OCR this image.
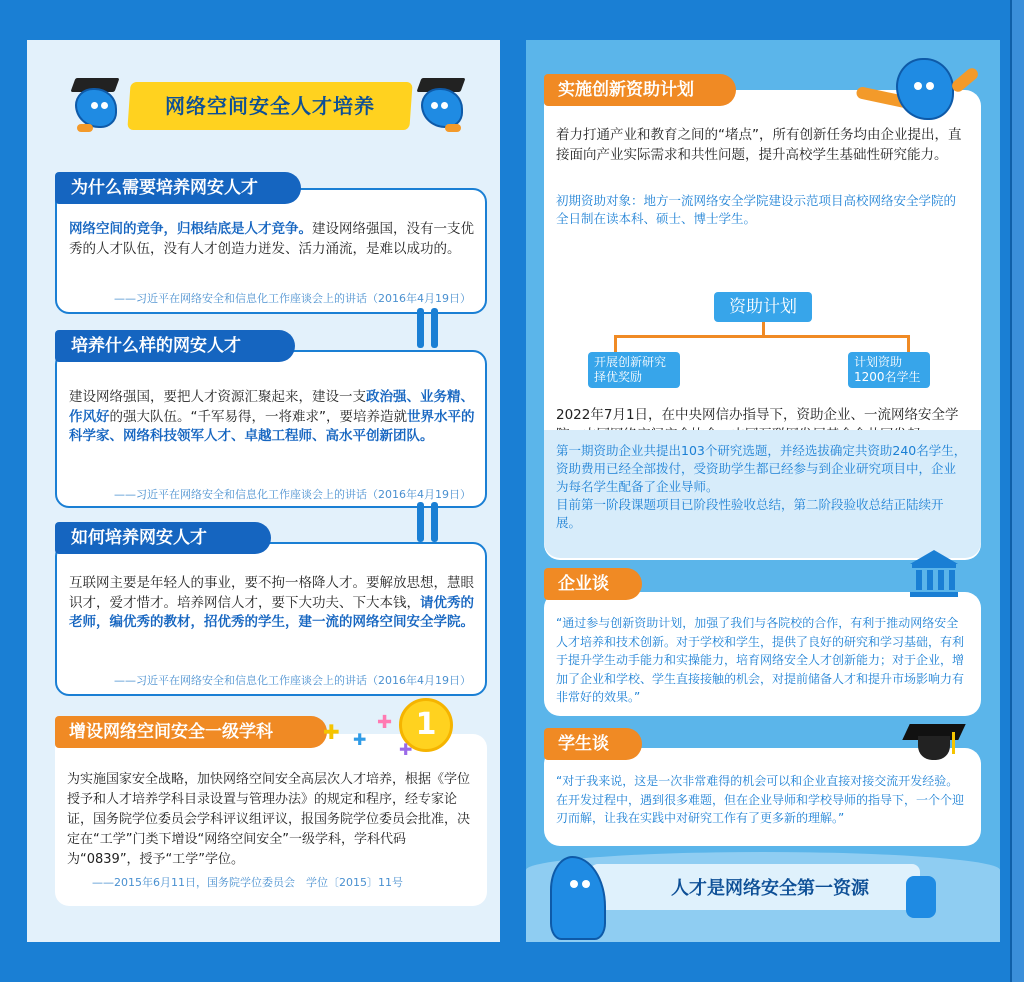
网络空间安全人才培养
网络空间的竞争，归根结底是人才竞争。建设网络强国，没有一支优秀的人才队伍，没有人才创造力迸发、活力涌流，是难以成功的。
——习近平在网络安全和信息化工作座谈会上的讲话（2016年4月19日）
为什么需要培养网安人才
建设网络强国，要把人才资源汇聚起来，建设一支政治强、业务精、作风好的强大队伍。“千军易得，一将难求”，要培养造就世界水平的科学家、网络科技领军人才、卓越工程师、高水平创新团队。
——习近平在网络安全和信息化工作座谈会上的讲话（2016年4月19日）
培养什么样的网安人才
互联网主要是年轻人的事业，要不拘一格降人才。要解放思想，慧眼识才，爱才惜才。培养网信人才，要下大功夫、下大本钱，请优秀的老师，编优秀的教材，招优秀的学生，建一流的网络空间安全学院。
——习近平在网络安全和信息化工作座谈会上的讲话（2016年4月19日）
如何培养网安人才
为实施国家安全战略，加快网络空间安全高层次人才培养，根据《学位授予和人才培养学科目录设置与管理办法》的规定和程序，经专家论证，国务院学位委员会学科评议组评议，报国务院学位委员会批准，决定在“工学”门类下增设“网络空间安全”一级学科，学科代码为“0839”，授予“工学”学位。
——2015年6月11日，国务院学位委员会　学位〔2015〕11号
增设网络空间安全一级学科	1
✚ ✚
✚
✚
着力打通产业和教育之间的“堵点”，所有创新任务均由企业提出，直接面向产业实际需求和共性问题，提升高校学生基础性研究能力。
初期资助对象：地方一流网络安全学院建设示范项目高校网络安全学院的全日制在读本科、硕士、博士学生。
资助计划
开展创新研究
择优奖励
计划资助
1200名学生
2022年7月1日，在中央网信办指导下，资助企业、一流网络安全学
第一期资助企业共提出103个研究选题，并经选拔确定共资助240名学生，资助费用已经全部拨付，受资助学生都已经参与到企业研究项目中，企业为每名学生配备了企业导师。
目前第一阶段课题项目已阶段性验收总结，第二阶段验收总结正陆续开展。
实施创新资助计划
“通过参与创新资助计划，加强了我们与各院校的合作，有利于推动网络安全人才培养和技术创新。对于学校和学生，提供了良好的研究和学习基础，有利于提升学生动手能力和实操能力，培育网络安全人才创新能力；对于企业，增加了企业和学校、学生直接接触的机会，对提前储备人才和提升市场影响力有非常好的效果。”
企业谈
“对于我来说，这是一次非常难得的机会可以和企业直接对接交流开发经验。在开发过程中，遇到很多难题，但在企业导师和学校导师的指导下，一个个迎刃而解，让我在实践中对研究工作有了更多新的理解。”
学生谈
人才是网络安全第一资源
